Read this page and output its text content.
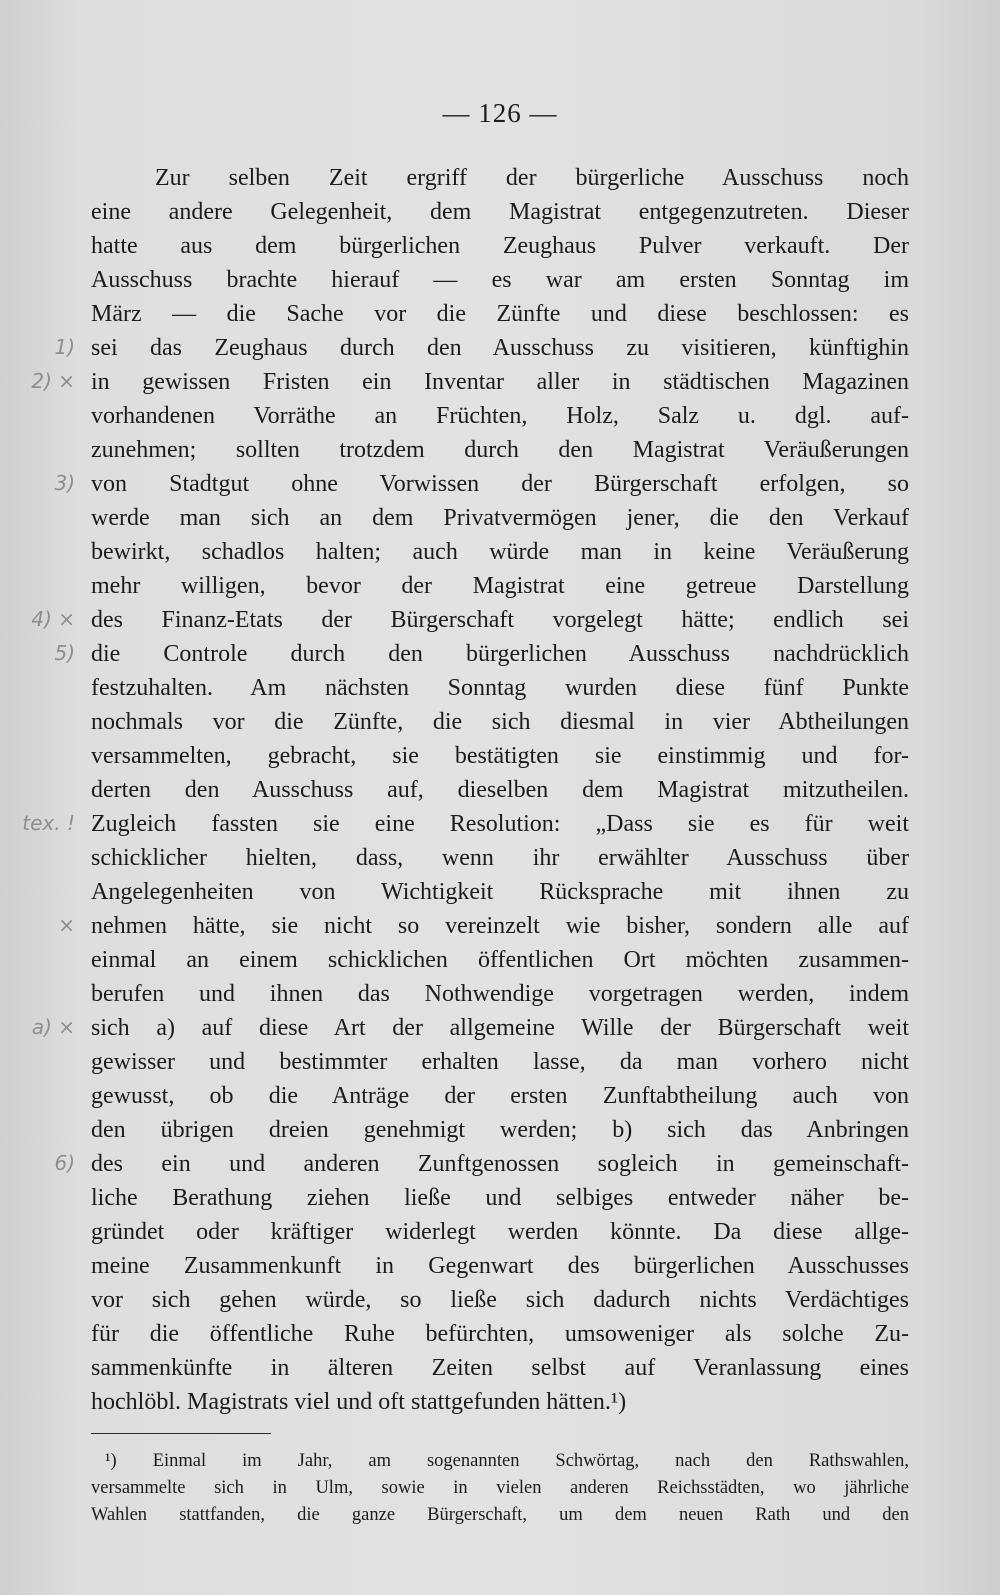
— 126 —
Zur selben Zeit ergriff der bürgerliche Ausschuss noch
eine andere Gelegenheit, dem Magistrat entgegenzutreten. Dieser
hatte aus dem bürgerlichen Zeughaus Pulver verkauft. Der
Ausschuss brachte hierauf — es war am ersten Sonntag im
März — die Sache vor die Zünfte und diese beschlossen: es
sei das Zeughaus durch den Ausschuss zu visitieren, künftighin
in gewissen Fristen ein Inventar aller in städtischen Magazinen
vorhandenen Vorräthe an Früchten, Holz, Salz u. dgl. auf-
zunehmen; sollten trotzdem durch den Magistrat Veräußerungen
von Stadtgut ohne Vorwissen der Bürgerschaft erfolgen, so
werde man sich an dem Privatvermögen jener, die den Verkauf
bewirkt, schadlos halten; auch würde man in keine Veräußerung
mehr willigen, bevor der Magistrat eine getreue Darstellung
des Finanz-Etats der Bürgerschaft vorgelegt hätte; endlich sei
die Controle durch den bürgerlichen Ausschuss nachdrücklich
festzuhalten. Am nächsten Sonntag wurden diese fünf Punkte
nochmals vor die Zünfte, die sich diesmal in vier Abtheilungen
versammelten, gebracht, sie bestätigten sie einstimmig und for-
derten den Ausschuss auf, dieselben dem Magistrat mitzutheilen.
Zugleich fassten sie eine Resolution: „Dass sie es für weit
schicklicher hielten, dass, wenn ihr erwählter Ausschuss über
Angelegenheiten von Wichtigkeit Rücksprache mit ihnen zu
nehmen hätte, sie nicht so vereinzelt wie bisher, sondern alle auf
einmal an einem schicklichen öffentlichen Ort möchten zusammen-
berufen und ihnen das Nothwendige vorgetragen werden, indem
sich a) auf diese Art der allgemeine Wille der Bürgerschaft weit
gewisser und bestimmter erhalten lasse, da man vorhero nicht
gewusst, ob die Anträge der ersten Zunftabtheilung auch von
den übrigen dreien genehmigt werden; b) sich das Anbringen
des ein und anderen Zunftgenossen sogleich in gemeinschaft-
liche Berathung ziehen ließe und selbiges entweder näher be-
gründet oder kräftiger widerlegt werden könnte. Da diese allge-
meine Zusammenkunft in Gegenwart des bürgerlichen Ausschusses
vor sich gehen würde, so ließe sich dadurch nichts Verdächtiges
für die öffentliche Ruhe befürchten, umsoweniger als solche Zu-
sammenkünfte in älteren Zeiten selbst auf Veranlassung eines
hochlöbl. Magistrats viel und oft stattgefunden hätten.¹)
¹) Einmal im Jahr, am sogenannten Schwörtag, nach den Rathswahlen,
versammelte sich in Ulm, sowie in vielen anderen Reichsstädten, wo jährliche
Wahlen stattfanden, die ganze Bürgerschaft, um dem neuen Rath und den
1)
2) ×
3)
4) ×
5)
tex. !
×
a) ×
6)
